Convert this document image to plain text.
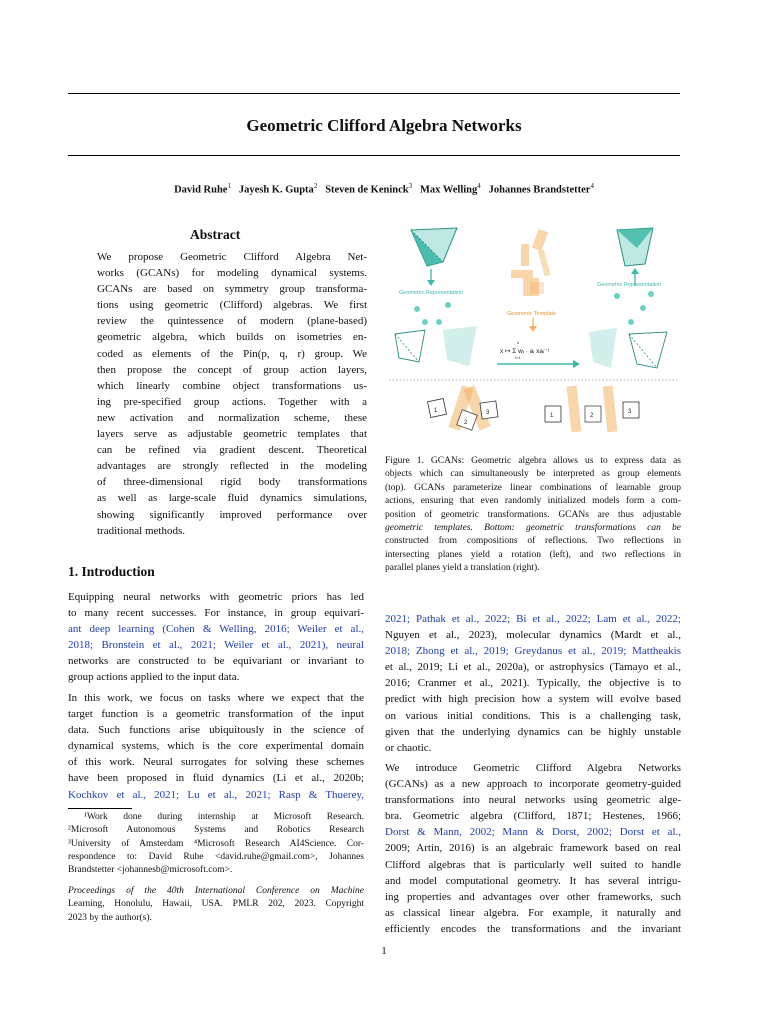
Geometric Clifford Algebra Networks
David Ruhe$^1$ Jayesh K. Gupta$^2$ Steven de Keninck$^3$ Max Welling$^4$ Johannes Brandstetter$^4$
Abstract
We propose Geometric Clifford Algebra Net-
works (GCANs) for modeling dynamical systems.
GCANs are based on symmetry group transforma-
tions using geometric (Clifford) algebras. We first
review the quintessence of modern (plane-based)
geometric algebra, which builds on isometries en-
coded as elements of the Pin(p, q, r) group. We
then propose the concept of group action layers,
which linearly combine object transformations us-
ing pre-specified group actions. Together with a
new activation and normalization scheme, these
layers serve as adjustable geometric templates that
can be refined via gradient descent. Theoretical
advantages are strongly reflected in the modeling
of three-dimensional rigid body transformations
as well as large-scale fluid dynamics simulations,
showing significantly improved performance over
traditional methods.
1. Introduction
Equipping neural networks with geometric priors has led
to many recent successes. For instance, in group equivari-
ant deep learning (Cohen & Welling, 2016; Weiler et al.,
2018; Bronstein et al., 2021; Weiler et al., 2021), neural
networks are constructed to be equivariant or invariant to
group actions applied to the input data.
In this work, we focus on tasks where we expect that the
target function is a geometric transformation of the input
data. Such functions arise ubiquitously in the science of
dynamical systems, which is the core experimental domain
of this work. Neural surrogates for solving these schemes
have been proposed in fluid dynamics (Li et al., 2020b;
Kochkov et al., 2021; Lu et al., 2021; Rasp & Thuerey,
¹Work done during internship at Microsoft Research.
²Microsoft Autonomous Systems and Robotics Research
³University of Amsterdam ⁴Microsoft Research AI4Science. Cor-
respondence to: David Ruhe <david.ruhe@gmail.com>, Johannes
Brandstetter <johannesb@microsoft.com>.
Proceedings of the 40th International Conference on Machine
Learning, Honolulu, Hawaii, USA. PMLR 202, 2023. Copyright
2023 by the author(s).
Geometric Representation
Geometric Template
x ↦ Σ wᵢ · aᵢ xaᵢ⁻¹
n
i=1
Geometric Representation
1
2
3	1	2
3
Figure 1. GCANs: Geometric algebra allows us to express data as
objects which can simultaneously be interpreted as group elements
(top). GCANs parameterize linear combinations of learnable group
actions, ensuring that even randomly initialized models form a com-
position of geometric transformations. GCANs are thus adjustable
geometric templates. Bottom: geometric transformations can be
constructed from compositions of reflections. Two reflections in
intersecting planes yield a rotation (left), and two reflections in
parallel planes yield a translation (right).
2021; Pathak et al., 2022; Bi et al., 2022; Lam et al., 2022;
Nguyen et al., 2023), molecular dynamics (Mardt et al.,
2018; Zhong et al., 2019; Greydanus et al., 2019; Mattheakis
et al., 2019; Li et al., 2020a), or astrophysics (Tamayo et al.,
2016; Cranmer et al., 2021). Typically, the objective is to
predict with high precision how a system will evolve based
on various initial conditions. This is a challenging task,
given that the underlying dynamics can be highly unstable
or chaotic.
We introduce Geometric Clifford Algebra Networks
(GCANs) as a new approach to incorporate geometry-guided
transformations into neural networks using geometric alge-
bra. Geometric algebra (Clifford, 1871; Hestenes, 1966;
Dorst & Mann, 2002; Mann & Dorst, 2002; Dorst et al.,
2009; Artin, 2016) is an algebraic framework based on real
Clifford algebras that is particularly well suited to handle
and model computational geometry. It has several intrigu-
ing properties and advantages over other frameworks, such
as classical linear algebra. For example, it naturally and
efficiently encodes the transformations and the invariant
1
